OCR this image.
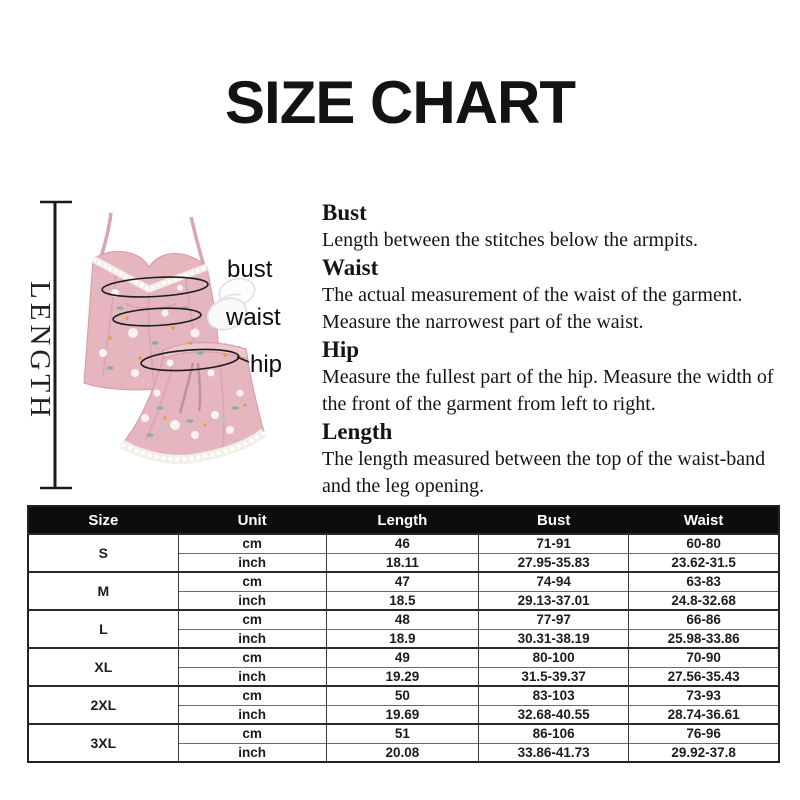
SIZE CHART
LENGTH
bust
waist
hip
Bust
Length between the stitches below the armpits.
Waist
The actual measurement of the waist of the garment. Measure the narrowest part of the waist.
Hip
Measure the fullest part of the hip. Measure the width of the front of the garment from left to right.
Length
The length measured between the top of the waist-band and the leg opening.
Size	Unit	Length	Bust	Waist
S	cm	46	71-91	60-80
	inch	18.11	27.95-35.83	23.62-31.5
M	cm	47	74-94	63-83
	inch	18.5	29.13-37.01	24.8-32.68
L	cm	48	77-97	66-86
	inch	18.9	30.31-38.19	25.98-33.86
XL	cm	49	80-100	70-90
	inch	19.29	31.5-39.37	27.56-35.43
2XL	cm	50	83-103	73-93
	inch	19.69	32.68-40.55	28.74-36.61
3XL	cm	51	86-106	76-96
	inch	20.08	33.86-41.73	29.92-37.8
